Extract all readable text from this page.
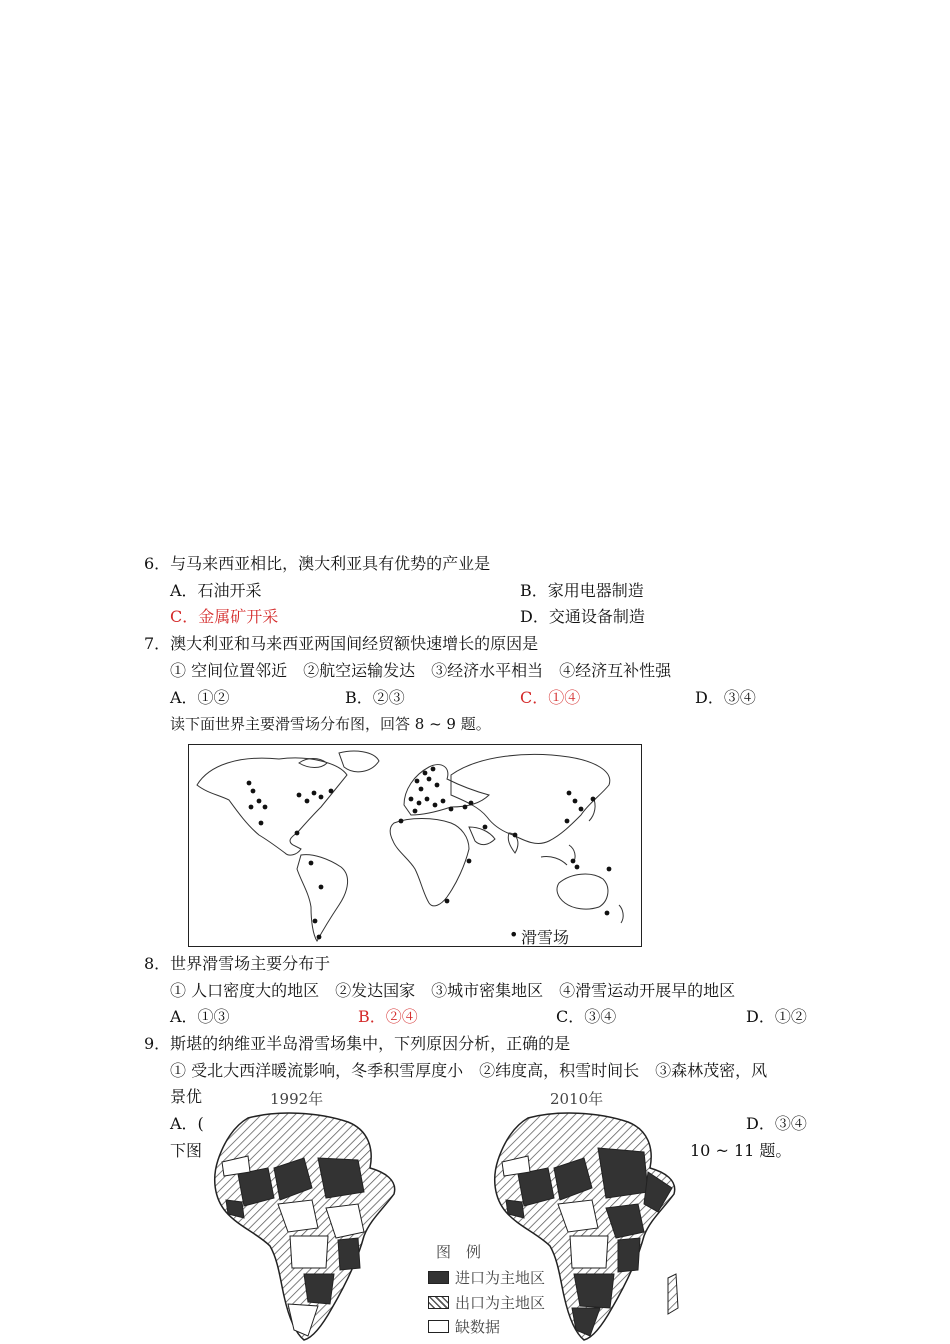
6．与马来西亚相比，澳大利亚具有优势的产业是
A．石油开采	B．家用电器制造
C．金属矿开采	D．交通设备制造
7．澳大利亚和马来西亚两国间经贸额快速增长的原因是
① 空间位置邻近　②航空运输发达　③经济水平相当　④经济互补性强
A．①②	B．②③	C．①④	D．③④
读下面世界主要滑雪场分布图，回答 8 ~ 9 题。
• 滑雪场
8．世界滑雪场主要分布于
① 人口密度大的地区　②发达国家　③城市密集地区　④滑雪运动开展早的地区
A．①③	B．②④	C．③④	D．①②
9．斯堪的纳维亚半岛滑雪场集中，下列原因分析，正确的是
① 受北大西洋暖流影响，冬季积雪厚度小　②纬度高，积雪时间长　③森林茂密，风
景优
A．(	D．③④
下图	10 ~ 11 题。
1992年	2010年
图　例
进口为主地区
出口为主地区
缺数据
